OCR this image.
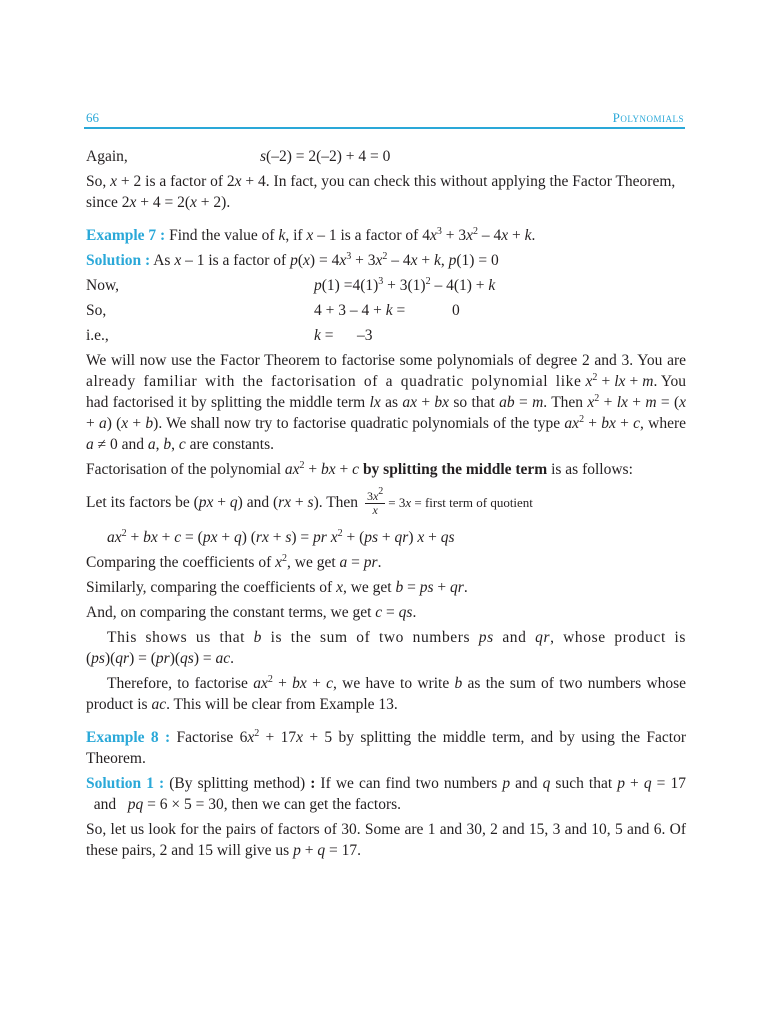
66	Polynomials
Again,	s(–2) = 2(–2) + 4 = 0

So, x + 2 is a factor of 2x + 4. In fact, you can check this without applying the Factor Theorem,

since 2x + 4 = 2(x + 2).

Example 7 : Find the value of k, if x – 1 is a factor of $4x^3 + 3x^2 - 4x + k$.

Solution : As x – 1 is a factor of $p(x) = 4x^3 + 3x^2 - 4x + k$, p(1) = 0

Now,	$p(1) =4(1)^3 + 3(1)^2 - 4(1) + k$
So,	4 + 3 – 4 + k =	0
i.e.,	k = –3

We will now use the Factor Theorem to factorise some polynomials of degree 2 and 3. You are already familiar with the factorisation of a quadratic polynomial like $x^2$ + lx + m. You had factorised it by splitting the middle term lx as ax + bx so that ab = m. Then $x^2$ + lx + m = (x + a) (x + b). We shall now try to factorise quadratic polynomials of the type $ax^2$ + bx + c, where a ≠ 0 and a, b, c are constants.

Factorisation of the polynomial $ax^2$ + bx + c by splitting the middle term is as follows:

Let its factors be (px + q) and (rx + s). Then $\frac{3x^2}{x} = 3x$ = first term of quotient

$ax^2$ + bx + c = (px + q) (rx + s) = pr $x^2 + (ps + qr) x$ + qs

Comparing the coefficients of $x^2$, we get a = pr.

Similarly, comparing the coefficients of x, we get b = ps + qr.

And, on comparing the constant terms, we get c = qs.

This shows us that b is the sum of two numbers ps and qr, whose product is (ps)(qr) = (pr)(qs) = ac.

Therefore, to factorise $ax^2$ + bx + c, we have to write b as the sum of two numbers whose product is ac. This will be clear from Example 13.

Example 8 : Factorise $6x^2 + 17x + 5$ by splitting the middle term, and by using the Factor Theorem.

Solution 1 : (By splitting method) : If we can find two numbers p and q such that p + q = 17   and   pq = 6 × 5 = 30, then we can get the factors.

So, let us look for the pairs of factors of 30. Some are 1 and 30, 2 and 15, 3 and 10, 5 and 6. Of these pairs, 2 and 15 will give us p + q = 17.
